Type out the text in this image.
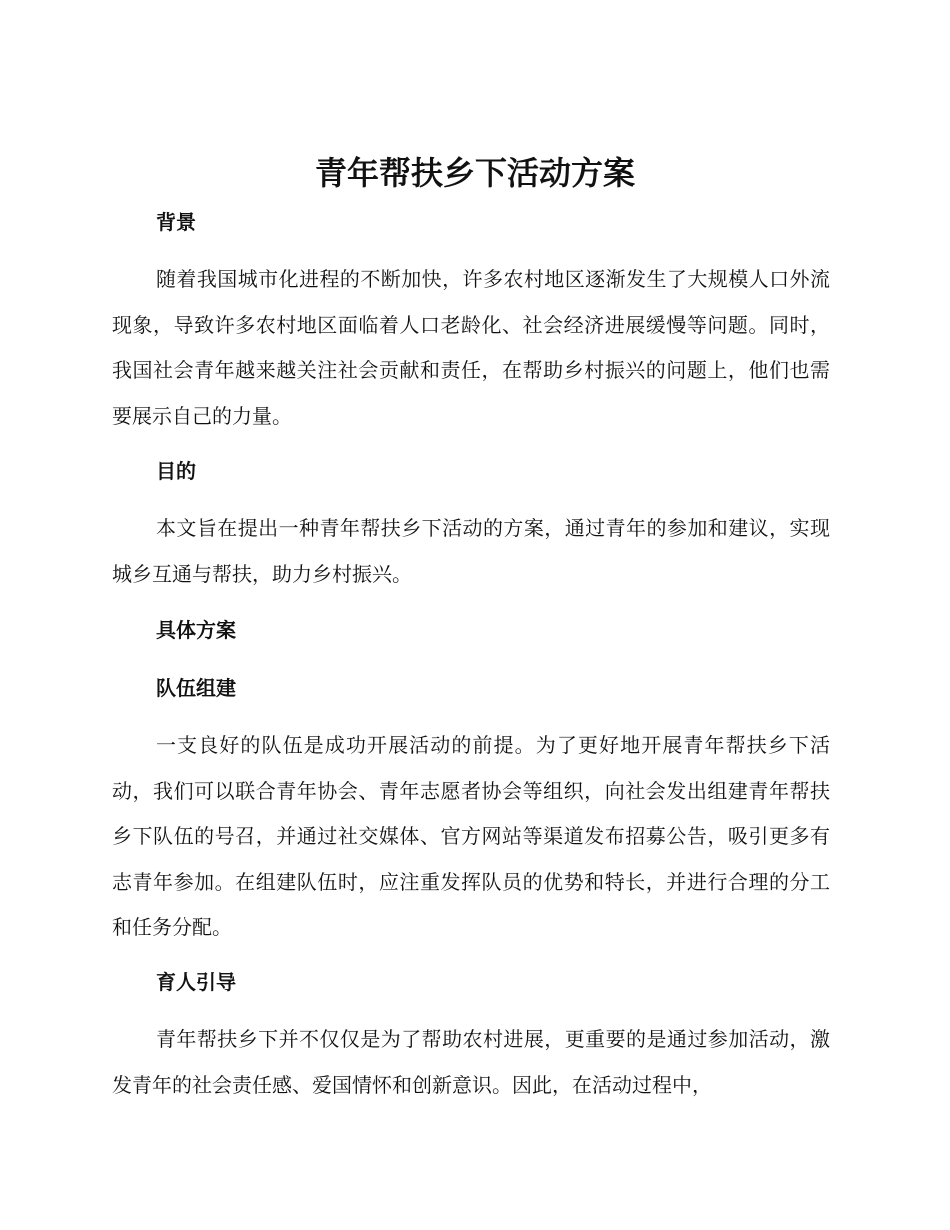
青年帮扶乡下活动方案
背景

随着我国城市化进程的不断加快，许多农村地区逐渐发生了大规模人口外流现象，导致许多农村地区面临着人口老龄化、社会经济进展缓慢等问题。同时，我国社会青年越来越关注社会贡献和责任，在帮助乡村振兴的问题上，他们也需要展示自己的力量。

目的

本文旨在提出一种青年帮扶乡下活动的方案，通过青年的参加和建议，实现城乡互通与帮扶，助力乡村振兴。

具体方案
队伍组建

一支良好的队伍是成功开展活动的前提。为了更好地开展青年帮扶乡下活动，我们可以联合青年协会、青年志愿者协会等组织，向社会发出组建青年帮扶乡下队伍的号召，并通过社交媒体、官方网站等渠道发布招募公告，吸引更多有志青年参加。在组建队伍时，应注重发挥队员的优势和特长，并进行合理的分工和任务分配。

育人引导

青年帮扶乡下并不仅仅是为了帮助农村进展，更重要的是通过参加活动，激发青年的社会责任感、爱国情怀和创新意识。因此，在活动过程中，
